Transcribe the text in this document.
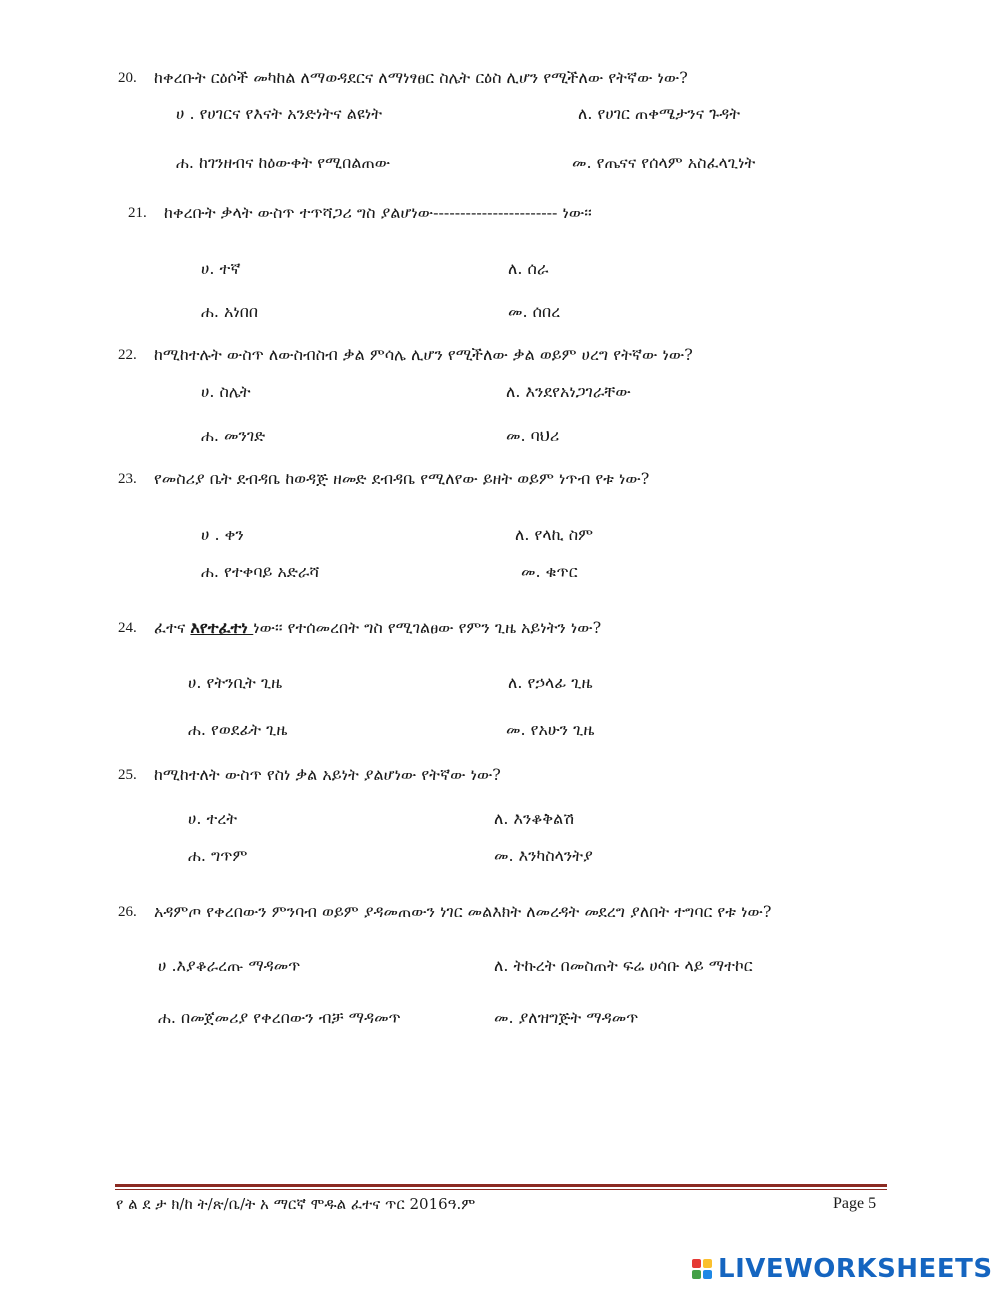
20. ከቀረቡት ርዕሶች መካከል ለማወዳደርና ለማነፃፀር ስሌት ርዕስ ሊሆን የሚችለው የትኛው ነው?
ሀ . የሀገርና የእናት አንድነትና ልዩነት	ለ. የሀገር ጠቀሜታንና ጉዳት
ሐ. ከገንዘብና ከዕውቀት የሚበልጠው	መ. የጤናና የሰላም አስፈላጊነት
21. ከቀረቡት ቃላት ውስጥ ተጥሻጋሪ ግስ ያልሆነው----------------------- ነው፡፡
ሀ. ተኛ	ለ. ሰራ
ሐ. አነበበ	መ. ሰበረ
22. ከሚከተሉት ውስጥ ለውስብስብ ቃል ምሳሌ ሊሆን የሚችለው ቃል ወይም ሀረግ የትኛው ነው?
ሀ. ስሌት	ለ. እንደየአነጋገራቸው
ሐ. መንገድ	መ. ባህሪ
23. የመስሪያ ቤት ደብዳቤ ከወዳጅ ዘመድ ደብዳቤ የሚለየው ይዘት ወይም ነጥብ የቱ ነው?
ሀ . ቀን	ለ. የላኪ ስም
ሐ. የተቀባይ አድራሻ	መ. ቁጥር
24. ፈተና እየተፈተነ ነው፡፡ የተሰመረበት ግስ የሚገልፀው የምን ጊዜ አይነትን ነው?
ሀ. የትንቢት ጊዜ	ለ. የኃላፊ ጊዜ
ሐ. የወደፊት ጊዜ	መ. የአሁን ጊዜ
25. ከሚከተለት ውስጥ የስነ ቃል አይነት ያልሆነው የትኛው ነው?
ሀ. ተረት	ለ. እንቆቅልሽ
ሐ. ግጥም	መ. እንካስላንትያ
26. አዳምጦ የቀረበውን ምንባብ ወይም ያዳመጠውን ነገር መልእክት ለመረዳት መደረግ ያለበት ተግባር የቱ ነው?
ሀ .እያቆራረጡ ማዳመጥ	ለ. ትኩረት በመስጠት ፍሬ ሀሳቡ ላይ ማተኮር
ሐ. በመጀመሪያ የቀረበውን ብቻ ማዳመጥ	መ. ያለዝግጅት ማዳመጥ
የ ል ደ ታ ክ/ከ ት/ጽ/ቤ/ት አ ማርኛ ሞዱል ፈተና ጥር 2016ዓ.ም	Page 5
LIVEWORKSHEETS
